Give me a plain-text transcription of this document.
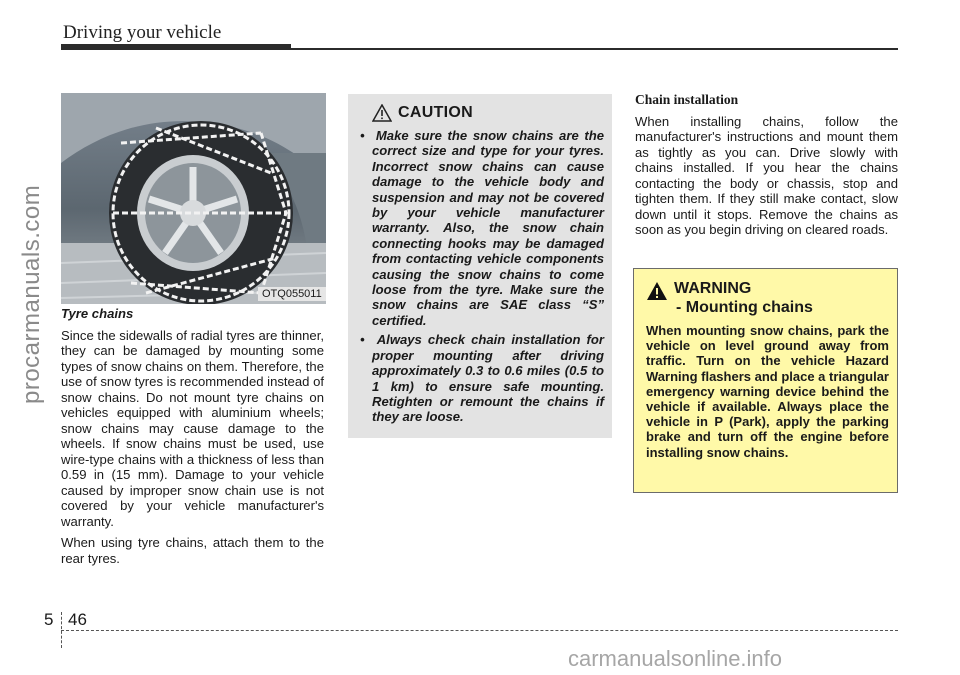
Driving your vehicle
procarmanuals.com	OTQ055011

Tyre chains

Since the sidewalls of radial tyres are thinner, they can be damaged by mounting some types of snow chains on them. Therefore, the use of snow tyres is recommended instead of snow chains. Do not mount tyre chains on vehicles equipped with aluminium wheels; snow chains may cause damage to the wheels. If snow chains must be used, use wire-type chains with a thickness of less than 0.59 in (15 mm). Damage to your vehicle caused by improper snow chain use is not covered by your vehicle manufacturer's warranty.

When using tyre chains, attach them to the rear tyres.

CAUTION
•  Make sure the snow chains are the correct size and type for your tyres. Incorrect snow chains can cause damage to the vehicle body and suspension and may not be covered by your vehicle manufacturer warranty. Also, the snow chain connecting hooks may be damaged from contacting vehicle components causing the snow chains to come loose from the tyre. Make sure the snow chains are SAE class “S” certified.
•  Always check chain installation for proper mounting after driving approximately 0.3 to 0.6 miles (0.5 to 1 km) to ensure safe mounting. Retighten or remount the chains if they are loose.

Chain installation

When installing chains, follow the manufacturer's instructions and mount them as tightly as you can. Drive slowly with chains installed. If you hear the chains contacting the body or chassis, stop and tighten them. If they still make contact, slow down until it stops. Remove the chains as soon as you begin driving on cleared roads.

WARNING
- Mounting chains
When mounting snow chains, park the vehicle on level ground away from traffic. Turn on the vehicle Hazard Warning flashers and place a triangular emergency warning device behind the vehicle if available. Always place the vehicle in P (Park), apply the parking brake and turn off the engine before installing snow chains.
5 46
carmanualsonline.info
